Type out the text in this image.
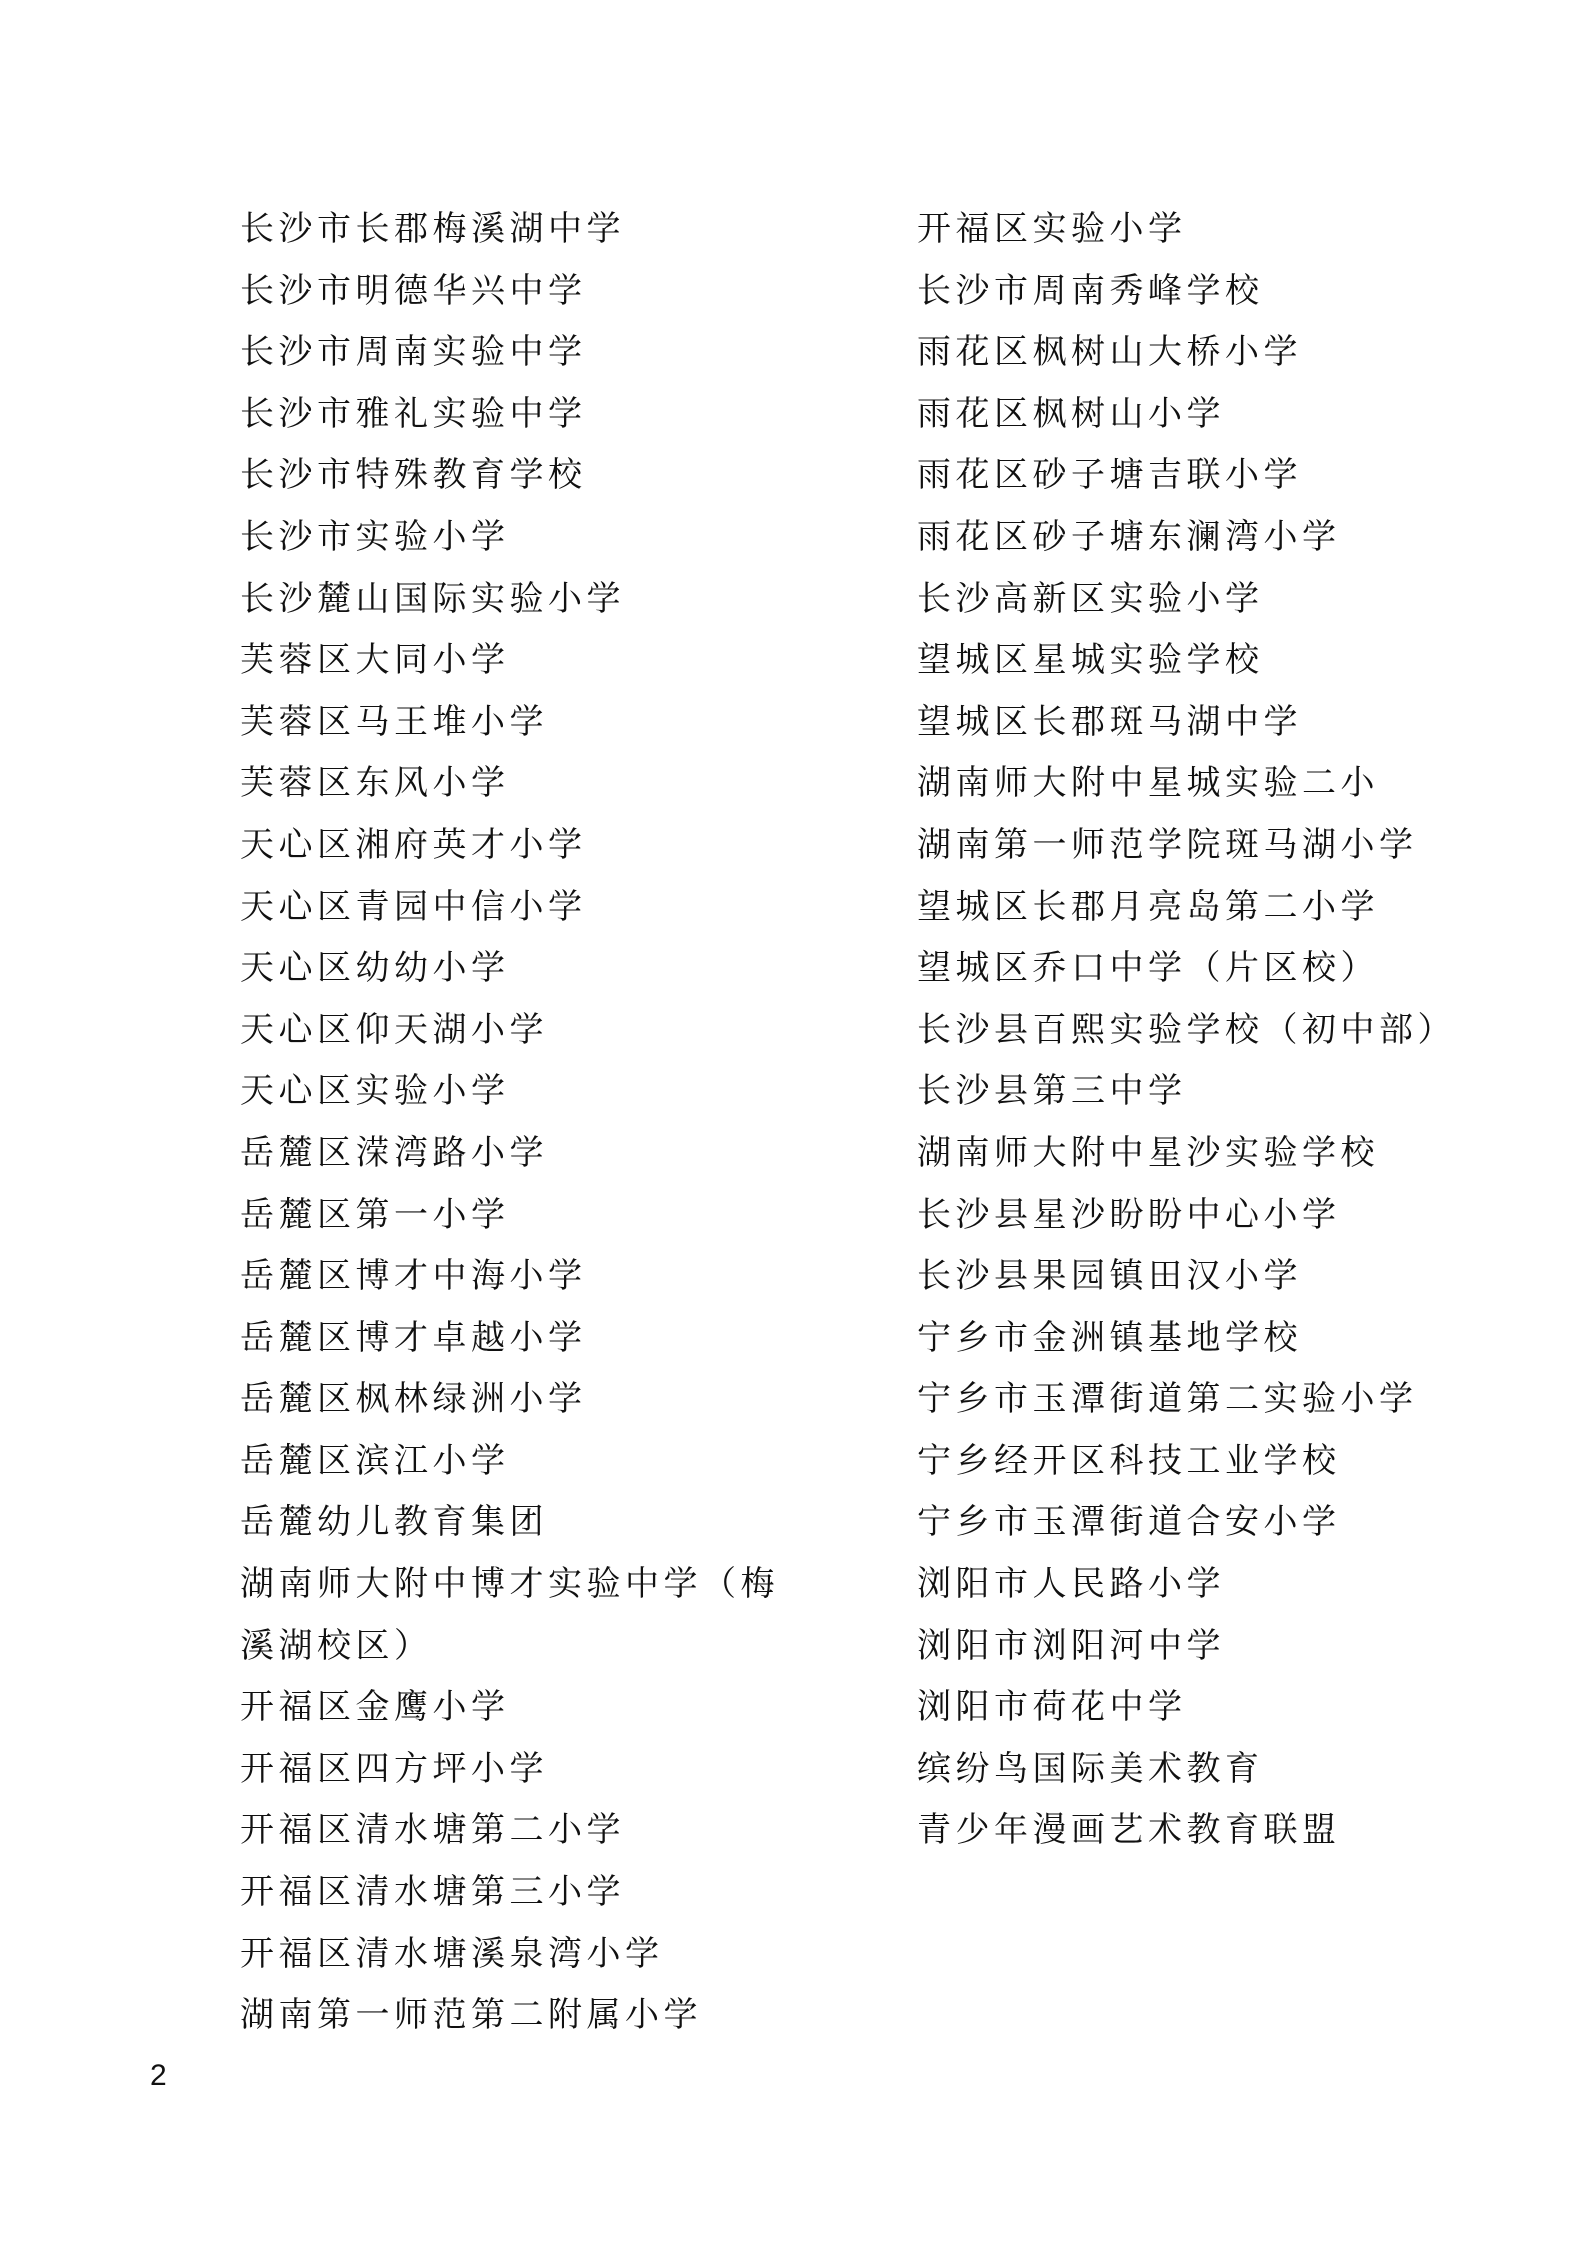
长沙市长郡梅溪湖中学
长沙市明德华兴中学
长沙市周南实验中学
长沙市雅礼实验中学
长沙市特殊教育学校
长沙市实验小学
长沙麓山国际实验小学
芙蓉区大同小学
芙蓉区马王堆小学
芙蓉区东风小学
天心区湘府英才小学
天心区青园中信小学
天心区幼幼小学
天心区仰天湖小学
天心区实验小学
岳麓区溁湾路小学
岳麓区第一小学
岳麓区博才中海小学
岳麓区博才卓越小学
岳麓区枫林绿洲小学
岳麓区滨江小学
岳麓幼儿教育集团
湖南师大附中博才实验中学（梅
溪湖校区）
开福区金鹰小学
开福区四方坪小学
开福区清水塘第二小学
开福区清水塘第三小学
开福区清水塘溪泉湾小学
湖南第一师范第二附属小学
开福区实验小学
长沙市周南秀峰学校
雨花区枫树山大桥小学
雨花区枫树山小学
雨花区砂子塘吉联小学
雨花区砂子塘东澜湾小学
长沙高新区实验小学
望城区星城实验学校
望城区长郡斑马湖中学
湖南师大附中星城实验二小
湖南第一师范学院斑马湖小学
望城区长郡月亮岛第二小学
望城区乔口中学（片区校）
长沙县百熙实验学校（初中部）
长沙县第三中学
湖南师大附中星沙实验学校
长沙县星沙盼盼中心小学
长沙县果园镇田汉小学
宁乡市金洲镇基地学校
宁乡市玉潭街道第二实验小学
宁乡经开区科技工业学校
宁乡市玉潭街道合安小学
浏阳市人民路小学
浏阳市浏阳河中学
浏阳市荷花中学
缤纷鸟国际美术教育
青少年漫画艺术教育联盟
2
